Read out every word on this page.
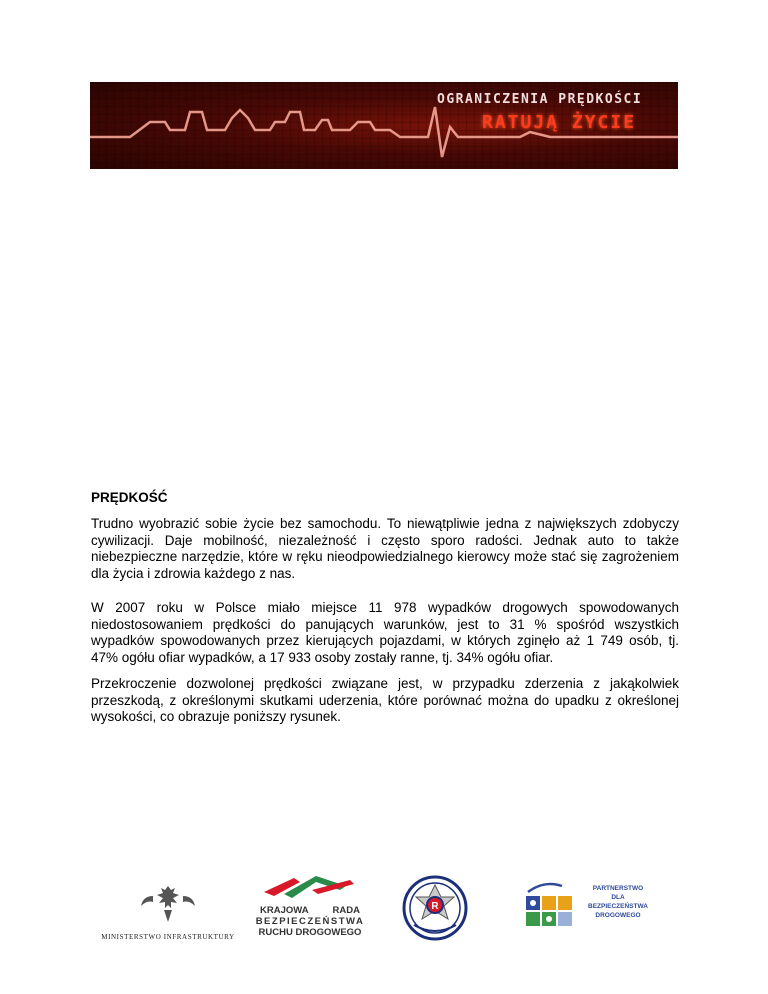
OGRANICZENIA PRĘDKOŚCI
RATUJĄ ŻYCIE
PRĘDKOŚĆ

Trudno wyobrazić sobie życie bez samochodu. To niewątpliwie jedna z największych zdobyczy cywilizacji. Daje mobilność, niezależność i często sporo radości. Jednak auto to także niebezpieczne narzędzie, które w ręku nieodpowiedzialnego kierowcy może stać się zagrożeniem dla życia i zdrowia każdego z nas.

W 2007 roku w Polsce miało miejsce 11 978 wypadków drogowych spowodowanych niedostosowaniem prędkości do panujących warunków, jest to 31 % spośród wszystkich wypadków spowodowanych przez kierujących pojazdami, w których zginęło aż 1 749 osób, tj. 47% ogółu ofiar wypadków, a 17 933 osoby zostały ranne, tj. 34% ogółu ofiar.

Przekroczenie dozwolonej prędkości związane jest, w przypadku zderzenia z jakąkolwiek przeszkodą, z określonymi skutkami uderzenia, które porównać można do upadku z określonej wysokości, co obrazuje poniższy rysunek.

MINISTERSTWO INFRASTRUKTURY
KRAJOWA	RADA
BEZPIECZEŃSTWA
RUCHU DROGOWEGO
R
PARTNERSTWO
DLA
BEZPIECZEŃSTWA
DROGOWEGO
